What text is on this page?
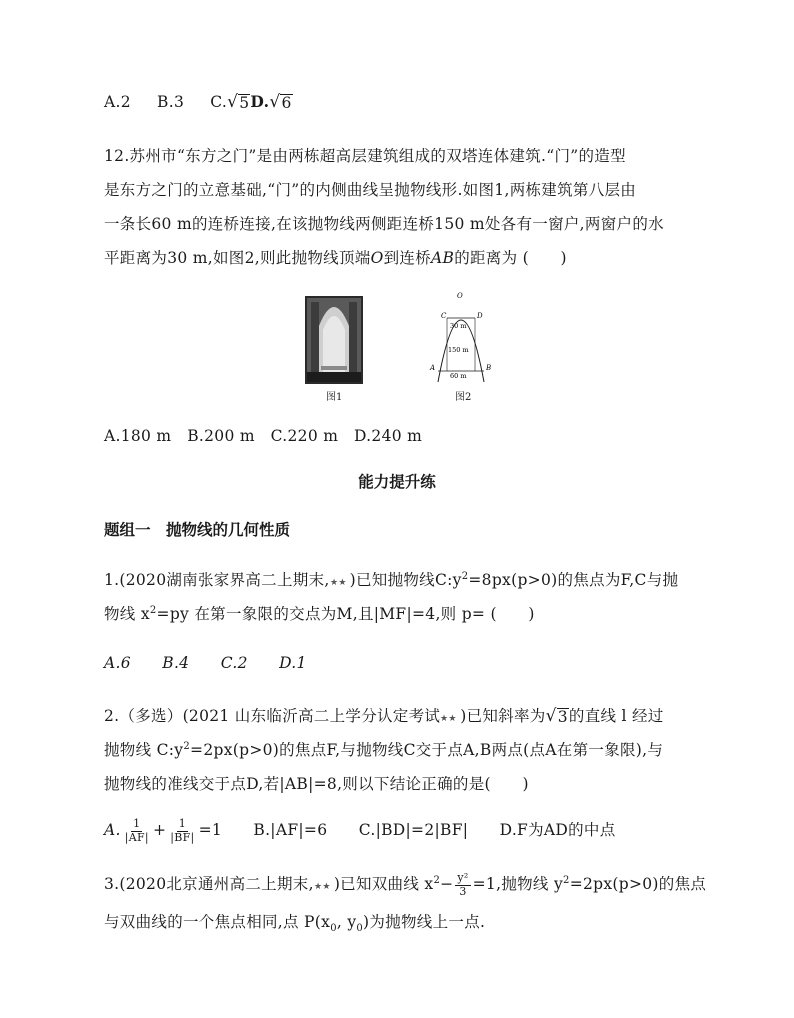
A.2 B.3 C. √ 5 D. √ 6
12.苏州市“东方之门”是由两栋超高层建筑组成的双塔连体建筑.“门”的造型
是东方之门的立意基础,“门”的内侧曲线呈抛物线形.如图1,两栋建筑第八层由
一条长60 m的连桥连接,在该抛物线两侧距连桥150 m处各有一窗户,两窗户的水
平距离为30 m,如图2,则此抛物线顶端O到连桥AB的距离为 (　　)
图1
O
C	D
30 m
150 m
60 m
A	B
图2
A.180 m　B.200 m　C.220 m　D.240 m
能力提升练
题组一　抛物线的几何性质
1.(2020湖南张家界高二上期末, ★★ )已知抛物线$C:y^2=8px(p>0)$的焦点为F,C与抛
物线 $x^2=py$ 在第一象限的交点为M,且|MF|=4,则 p= (　　)
A.6 B.4 C.2 D.1
2.（多选）(2021 山东临沂高二上学分认定考试 ★★ )已知斜率为 √ 3 的直线 l 经过
抛物线 $C:y^2=2px(p>0)$的焦点F,与抛物线C交于点A,B两点(点A在第一象限),与
抛物线的准线交于点D,若|AB|=8,则以下结论正确的是(　　)
A. $\frac{1}{|AF|} + \frac{1}{|BF|} =1$ B.|AF|=6 C.|BD|=2|BF| D.F为AD的中点
3.(2020北京通州高二上期末, ★★ )已知双曲线 $x^2- \frac{\text{y²}}{3} =1$,抛物线 $y^2=2px(p>0)$的焦点
与双曲线的一个焦点相同,点 $P(x_0$, $y_0$)为抛物线上一点.
